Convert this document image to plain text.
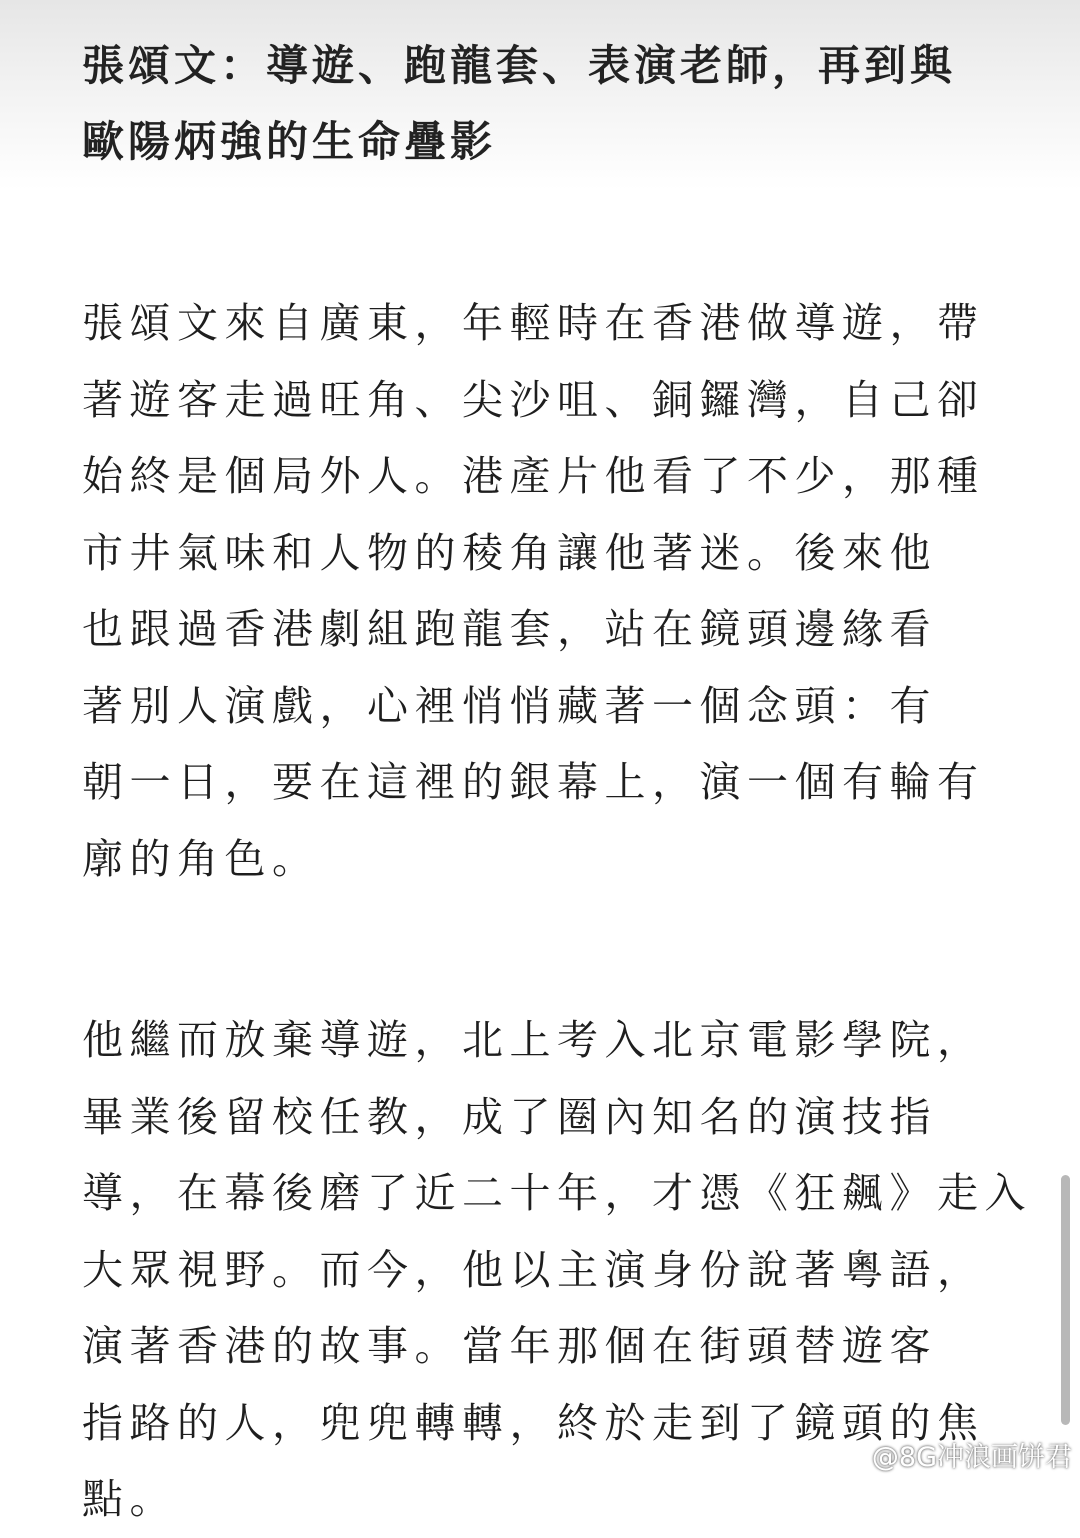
張頌文：導遊、跑龍套、表演老師，再到與
歐陽炳強的生命疊影

張頌文來自廣東，年輕時在香港做導遊，帶
著遊客走過旺角、尖沙咀、銅鑼灣，自己卻
始終是個局外人。港產片他看了不少，那種
市井氣味和人物的稜角讓他著迷。後來他
也跟過香港劇組跑龍套，站在鏡頭邊緣看
著別人演戲，心裡悄悄藏著一個念頭：有
朝一日，要在這裡的銀幕上，演一個有輪有
廓的角色。

他繼而放棄導遊，北上考入北京電影學院，
畢業後留校任教，成了圈內知名的演技指
導，在幕後磨了近二十年，才憑《狂飆》走入
大眾視野。而今，他以主演身份說著粵語，
演著香港的故事。當年那個在街頭替遊客
指路的人，兜兜轉轉，終於走到了鏡頭的焦
點。

@8G冲浪画饼君
